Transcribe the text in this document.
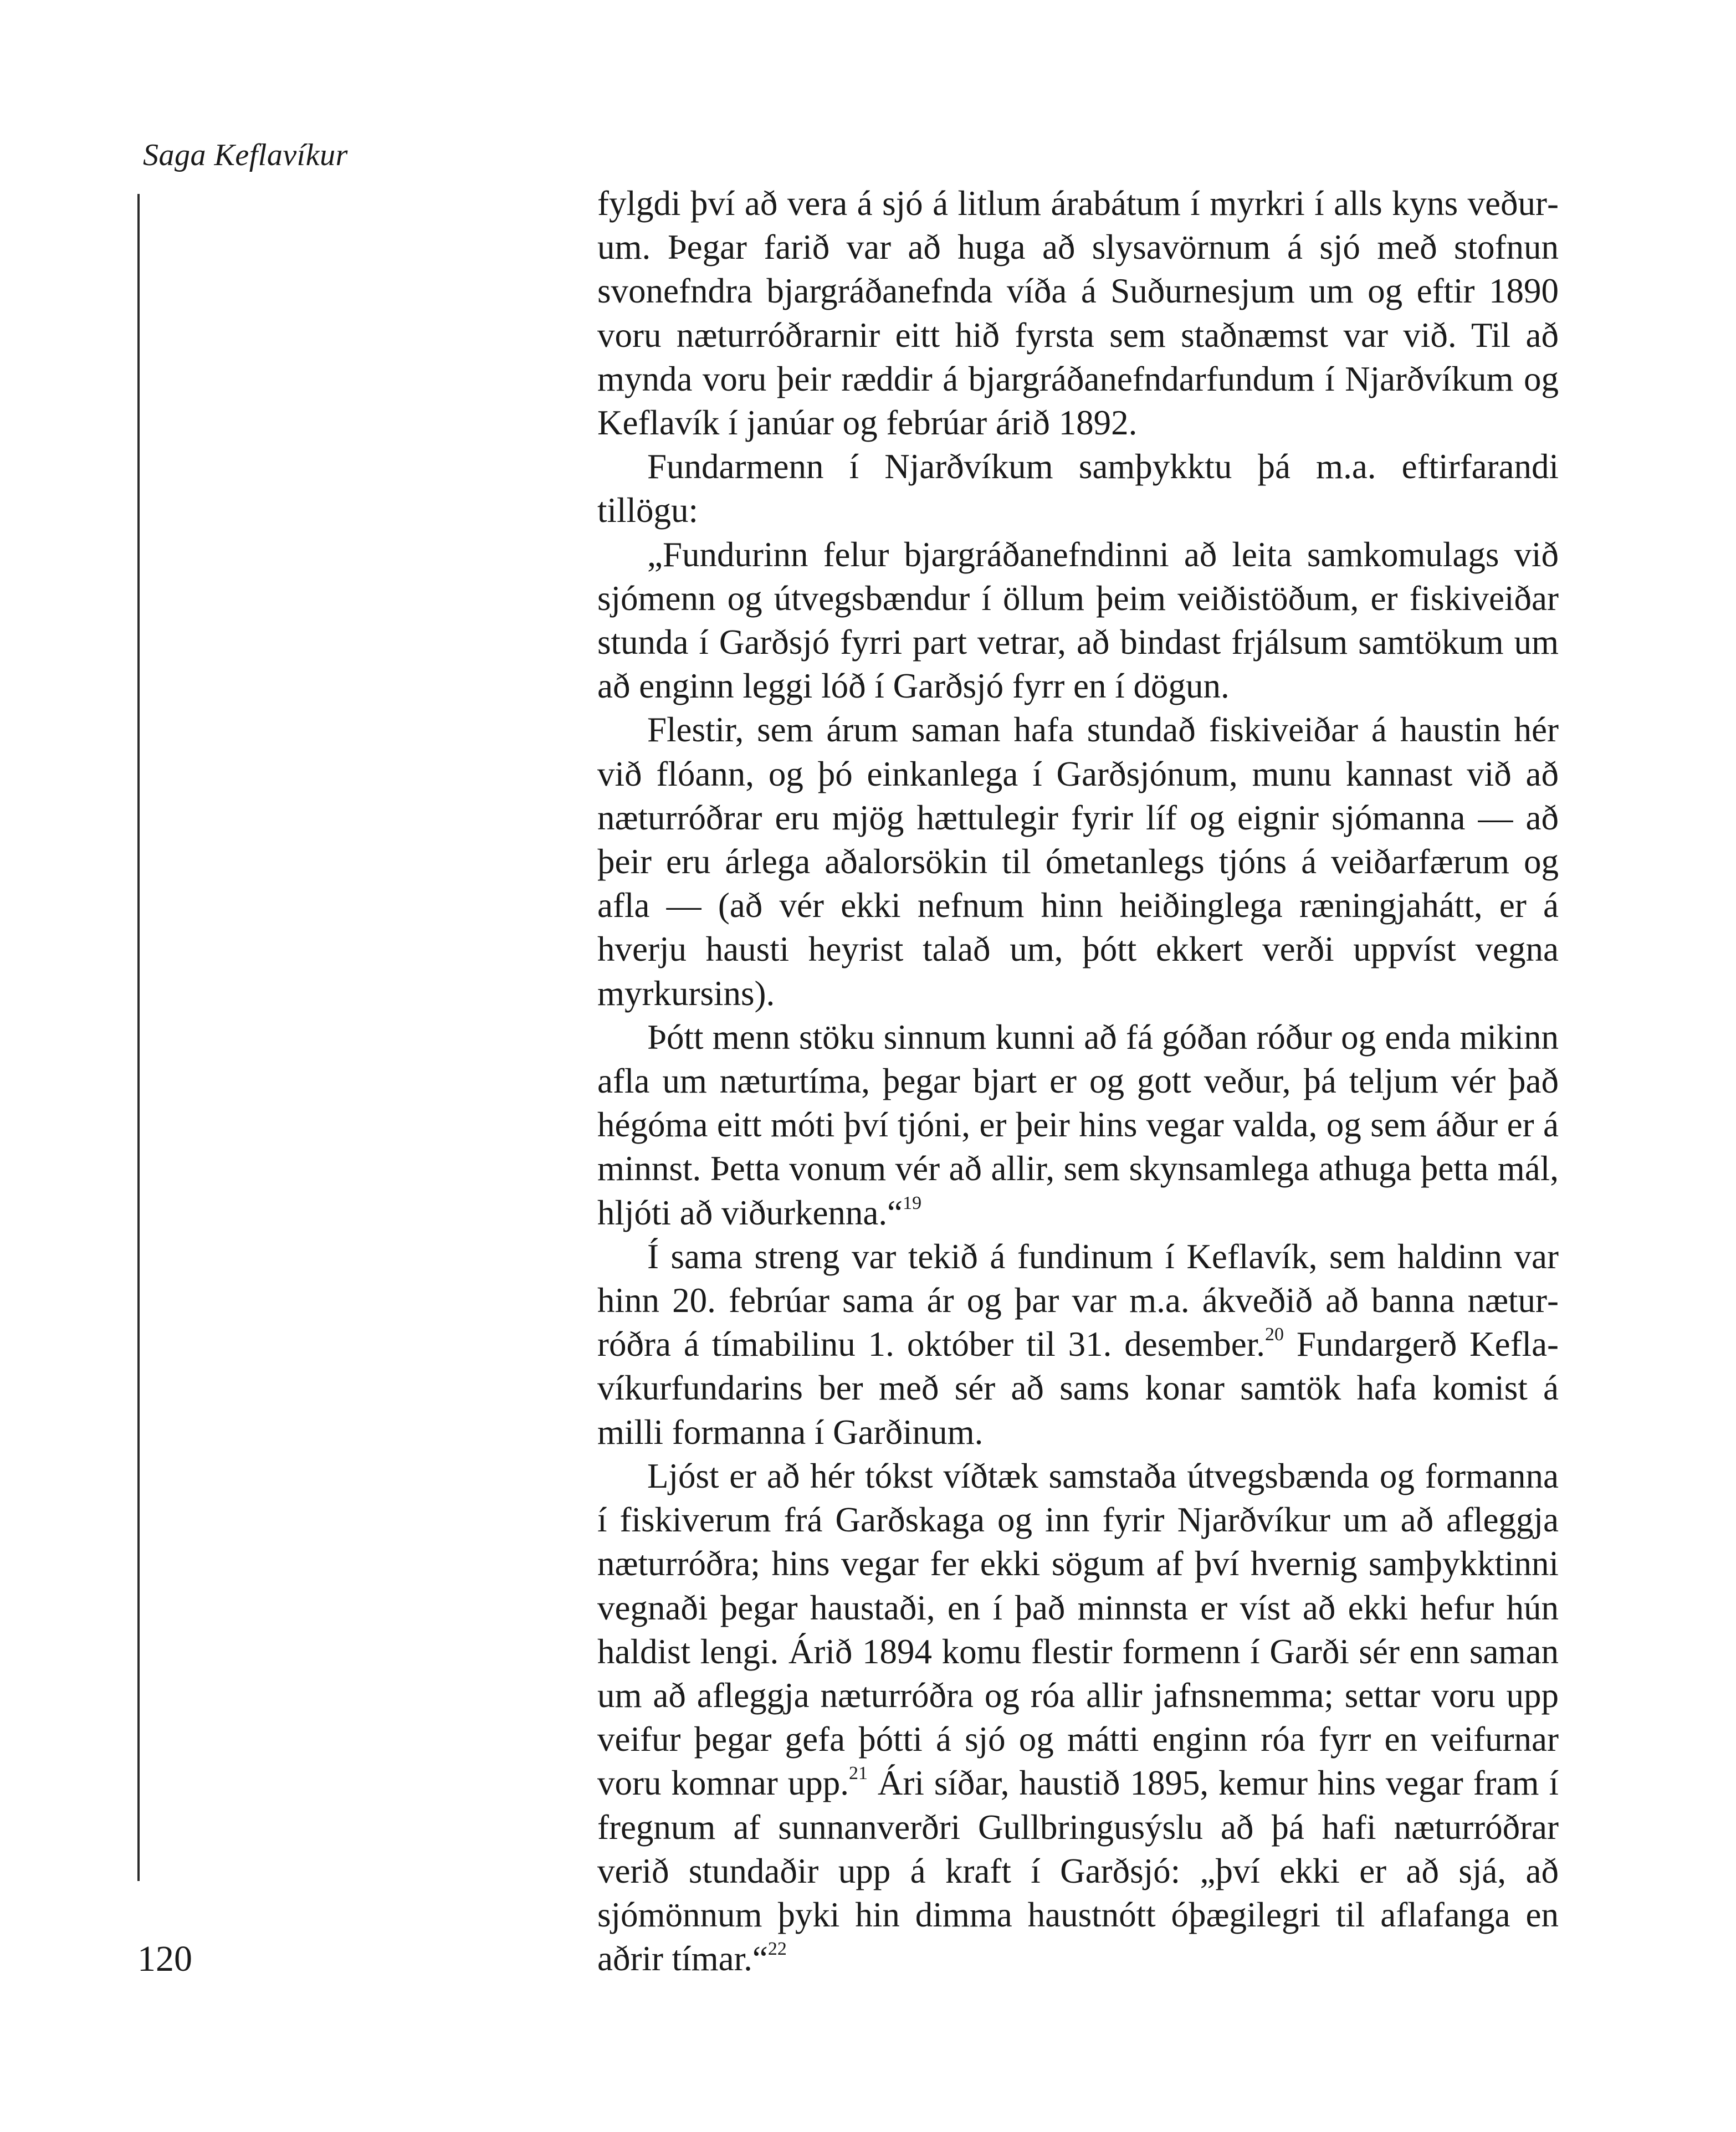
Saga Keflavíkur

fylgdi því að vera á sjó á litlum árabátum í myrkri í alls kyns veðurum. Þegar farið var að huga að slysavörnum á sjó með stofnun svonefndra bjargráðanefnda víða á Suðurnesjum um og eftir 1890 voru næturróðrarnir eitt hið fyrsta sem staðnæmst var við. Til að mynda voru þeir ræddir á bjargráðanefndarfundum í Njarðvíkum og Keflavík í janúar og febrúar árið 1892.

Fundarmenn í Njarðvíkum samþykktu þá m.a. eftirfarandi tillögu:

„Fundurinn felur bjargráðanefndinni að leita samkomulags við sjómenn og útvegsbændur í öllum þeim veiðistöðum, er fiskiveiðar stunda í Garðsjó fyrri part vetrar, að bindast frjálsum samtökum um að enginn leggi lóð í Garðsjó fyrr en í dögun.

Flestir, sem árum saman hafa stundað fiskiveiðar á haustin hér við flóann, og þó einkanlega í Garðsjónum, munu kannast við að næturróðrar eru mjög hættulegir fyrir líf og eignir sjómanna — að þeir eru árlega aðalorsökin til ómetanlegs tjóns á veiðarfærum og afla — (að vér ekki nefnum hinn heiðinglega ræningjahátt, er á hverju hausti heyrist talað um, þótt ekkert verði uppvíst vegna myrkursins).

Þótt menn stöku sinnum kunni að fá góðan róður og enda mikinn afla um næturtíma, þegar bjart er og gott veður, þá teljum vér það hégóma eitt móti því tjóni, er þeir hins vegar valda, og sem áður er á minnst. Þetta vonum vér að allir, sem skynsamlega athuga þetta mál, hljóti að viðurkenna.“$^{19}$

Í sama streng var tekið á fundinum í Keflavík, sem haldinn var hinn 20. febrúar sama ár og þar var m.a. ákveðið að banna næturróðra á tímabilinu 1. október til 31. desember.$^{20}$ Fundargerð Keflavíkurfundarins ber með sér að sams konar samtök hafa komist á milli formanna í Garðinum.

Ljóst er að hér tókst víðtæk samstaða útvegsbænda og formanna í fiskiverum frá Garðskaga og inn fyrir Njarðvíkur um að afleggja næturróðra; hins vegar fer ekki sögum af því hvernig samþykktinni vegnaði þegar haustaði, en í það minnsta er víst að ekki hefur hún haldist lengi. Árið 1894 komu flestir formenn í Garði sér enn saman um að afleggja næturróðra og róa allir jafnsnemma; settar voru upp veifur þegar gefa þótti á sjó og mátti enginn róa fyrr en veifurnar voru komnar upp.$^{21}$ Ári síðar, haustið 1895, kemur hins vegar fram í fregnum af sunnanverðri Gullbringusýslu að þá hafi næturróðrar verið stundaðir upp á kraft í Garðsjó: „því ekki er að sjá, að sjómönnum þyki hin dimma haustnótt óþægilegri til aflafanga en aðrir tímar.“$^{22}$

120
